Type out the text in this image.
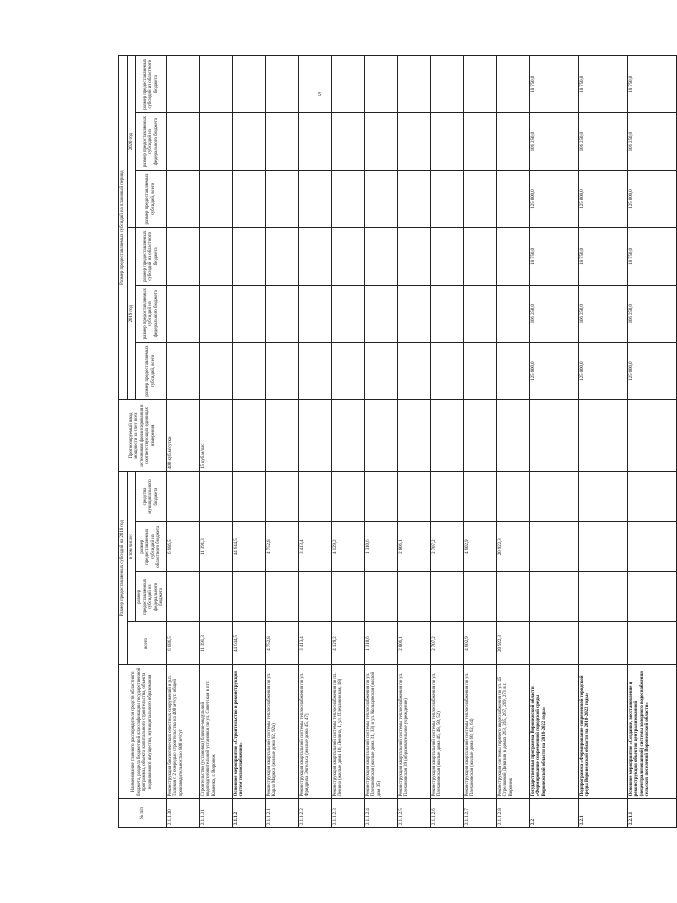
5
№ п/п	Наименование главного распорядителя средств областного бюджета, раздела бюджетной классификации государственной программы, объекта капитального строительства, объекта недвижимого имущества, муниципального образования	Размер предоставляемых субсидий на 2018 год				Прогнозируемый ввод мощности за счет всех источников финансирования в соответствующих единицах измерения	Размер предоставляемых субсидий на плановый период					
		всего	в том числе:				2019 год			2020 год		
			размер предоставляемых субсидий из федерального бюджета	размер предоставляемых субсидий из областного бюджета	средства муниципального бюджета		размер предоставляемых субсидий, всего	размер предоставляемых субсидий из федерального бюджета	размер предоставляемых субсидий из областного бюджета	размер предоставляемых субсидий, всего	размер предоставляемых субсидий из федерального бюджета	размер предоставляемых субсидий из областного бюджета

2.1.1.30	Реконструкция биологических очистных сооружений в р.п. Таловая с 2 очередью строительства на 400 м³/сут. общей производительностью 800 м³/сут	6 686,5		6 686,5		400 куб.м/сутки						
2.1.1.31	Строительство (установка) блочно-модульной водоподготовительной установки по ул. Советская в пгт. Каменка, г. Воронеж	11 391,3		11 391,3		15 куб.м/час						
2.1.1.2	Основное мероприятие «Строительство и реконструкция систем теплоснабжения»	44 644,5		44 644,5								
2.1.1.2.1	Реконструкция квартальной системы теплоснабжения по ул. Карла Маркса (жилые дома 92, 92а)	4 752,8		4 752,8								
2.1.1.2.2	Реконструкция квартальной системы теплоснабжения по ул. Фридриха Энгельса (жилые дома 45, 47)	3 413,4		3 413,4								
2.1.1.2.3	Реконструкция квартальной системы теплоснабжения по пл. Ленина (жилые дома 10, Ленина, 1, ул. Плехановская, 18)	4 129,2		4 129,2								
2.1.1.2.4	Реконструкция квартальной системы теплоснабжения по ул. Плехановская (жилые дома 31, 33) и ул. Кольцовская (жилой дом 35)	1 310,6		1 310,6								
2.1.1.2.5	Реконструкция квартальной системы теплоснабжения по ул. Плехановская 39 (образовательное учреждение)	2 806,1		2 806,1								
2.1.1.2.6	Реконструкция квартальной системы теплоснабжения по ул. Плехановская (жилые дома 46, 48, 50, 52)	2 707,2		2 707,2								
2.1.1.2.7	Реконструкция квартальной системы теплоснабжения по ул. Плехановская (жилые дома 60, 62, 64)	4 602,9		4 602,9								
2.1.1.2.8	Реконструкция системы горячего водоснабжения по ул. 45 Стрелковой Дивизии в домах 263, 265, 267, 269, 271 в г. Воронеж	20 922,3		20 922,3								
2.2	Государственная программа Воронежской области «Формирование современной городской среды Воронежской области на 2018-2022 годы»						125 000,0	106 250,0	18 750,0	125 000,0	106 250,0	18 750,0
2.2.1	Подпрограмма «Формирование современной городской среды Воронежской области на 2018-2022 годы»						125 000,0	106 250,0	18 750,0	125 000,0	106 250,0	18 750,0
2.2.1.1	Основное мероприятие «Создание, восстановление и реконструкция объектов централизованной (нецентрализованной) системы холодного водоснабжения сельских поселений Воронежской области»						125 000,0	106 250,0	18 750,0	125 000,0	106 250,0	18 750,0
